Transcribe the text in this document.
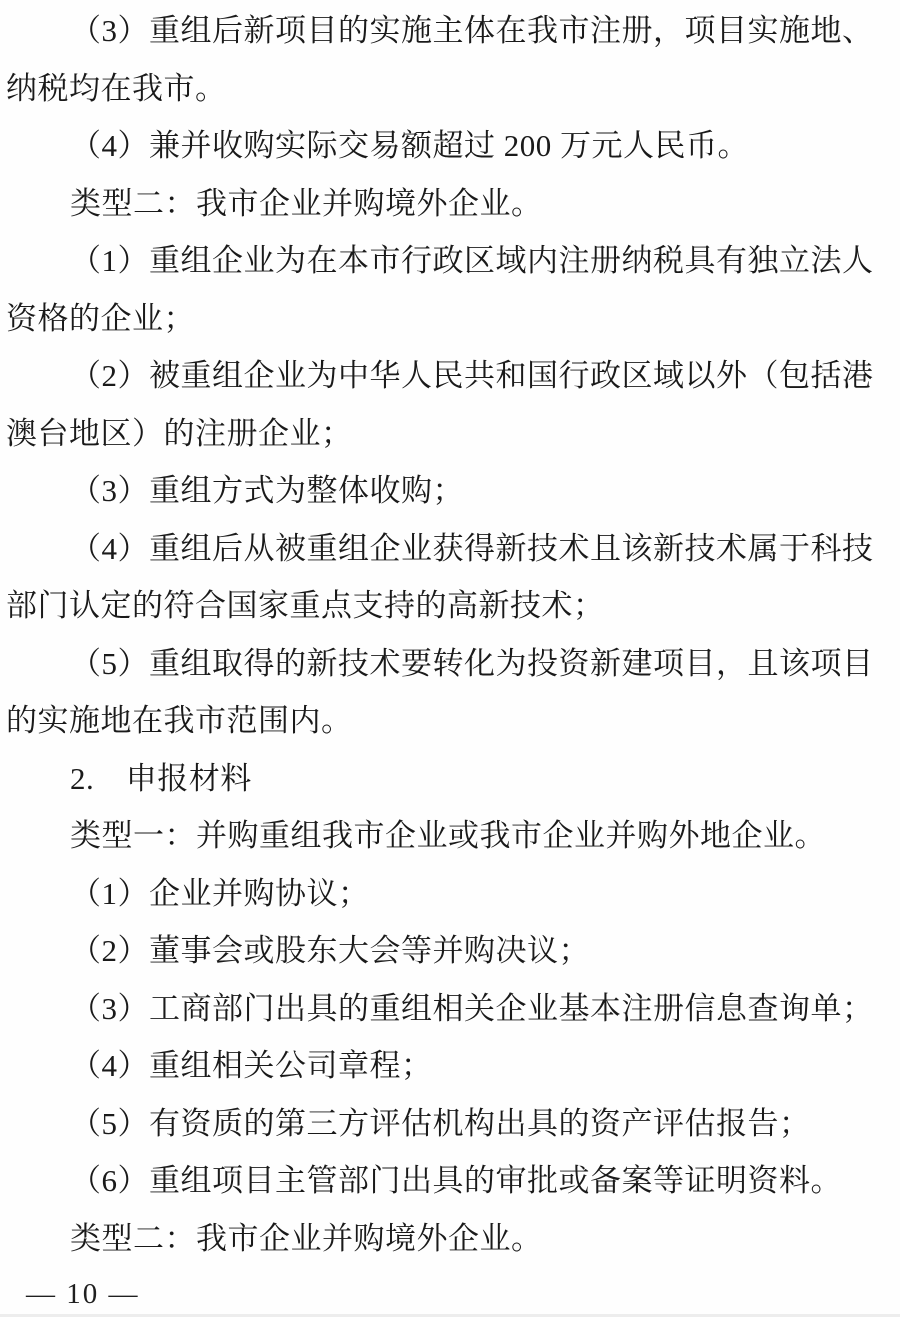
（3）重组后新项目的实施主体在我市注册，项目实施地、
纳税均在我市。
（4）兼并收购实际交易额超过 200 万元人民币。
类型二：我市企业并购境外企业。
（1）重组企业为在本市行政区域内注册纳税具有独立法人
资格的企业；
（2）被重组企业为中华人民共和国行政区域以外（包括港
澳台地区）的注册企业；
（3）重组方式为整体收购；
（4）重组后从被重组企业获得新技术且该新技术属于科技
部门认定的符合国家重点支持的高新技术；
（5）重组取得的新技术要转化为投资新建项目，且该项目
的实施地在我市范围内。
2.　申报材料
类型一：并购重组我市企业或我市企业并购外地企业。
（1）企业并购协议；
（2）董事会或股东大会等并购决议；
（3）工商部门出具的重组相关企业基本注册信息查询单；
（4）重组相关公司章程；
（5）有资质的第三方评估机构出具的资产评估报告；
（6）重组项目主管部门出具的审批或备案等证明资料。
类型二：我市企业并购境外企业。
— 10 —
